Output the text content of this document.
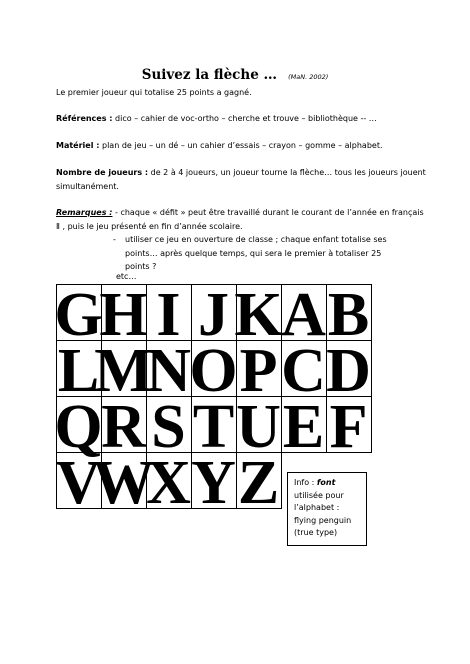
Suivez la flèche … (MaN. 2002)
Le premier joueur qui totalise 25 points a gagné.
Références : dico – cahier de voc-ortho – cherche et trouve – bibliothèque -- …
Matériel : plan de jeu – un dé – un cahier d’essais – crayon – gomme – alphabet.
Nombre de joueurs : de 2 à 4 joueurs, un joueur tourne la flèche… tous les joueurs jouent simultanément.
Remarques : - chaque « défit » peut être travaillé durant le courant de l’année en français Ⅱ , puis le jeu présenté en fin d’année scolaire.
- utiliser ce jeu en ouverture de classe ; chaque enfant totalise ses points… après quelque temps, qui sera le premier à totaliser 25 points ?
etc…
G
H I J K
A B
L
M
N
O P C D
Q
R S T U E F
V
W
X Y Z	Info : font utilisée pour l’alphabet : flying penguin (true type)
